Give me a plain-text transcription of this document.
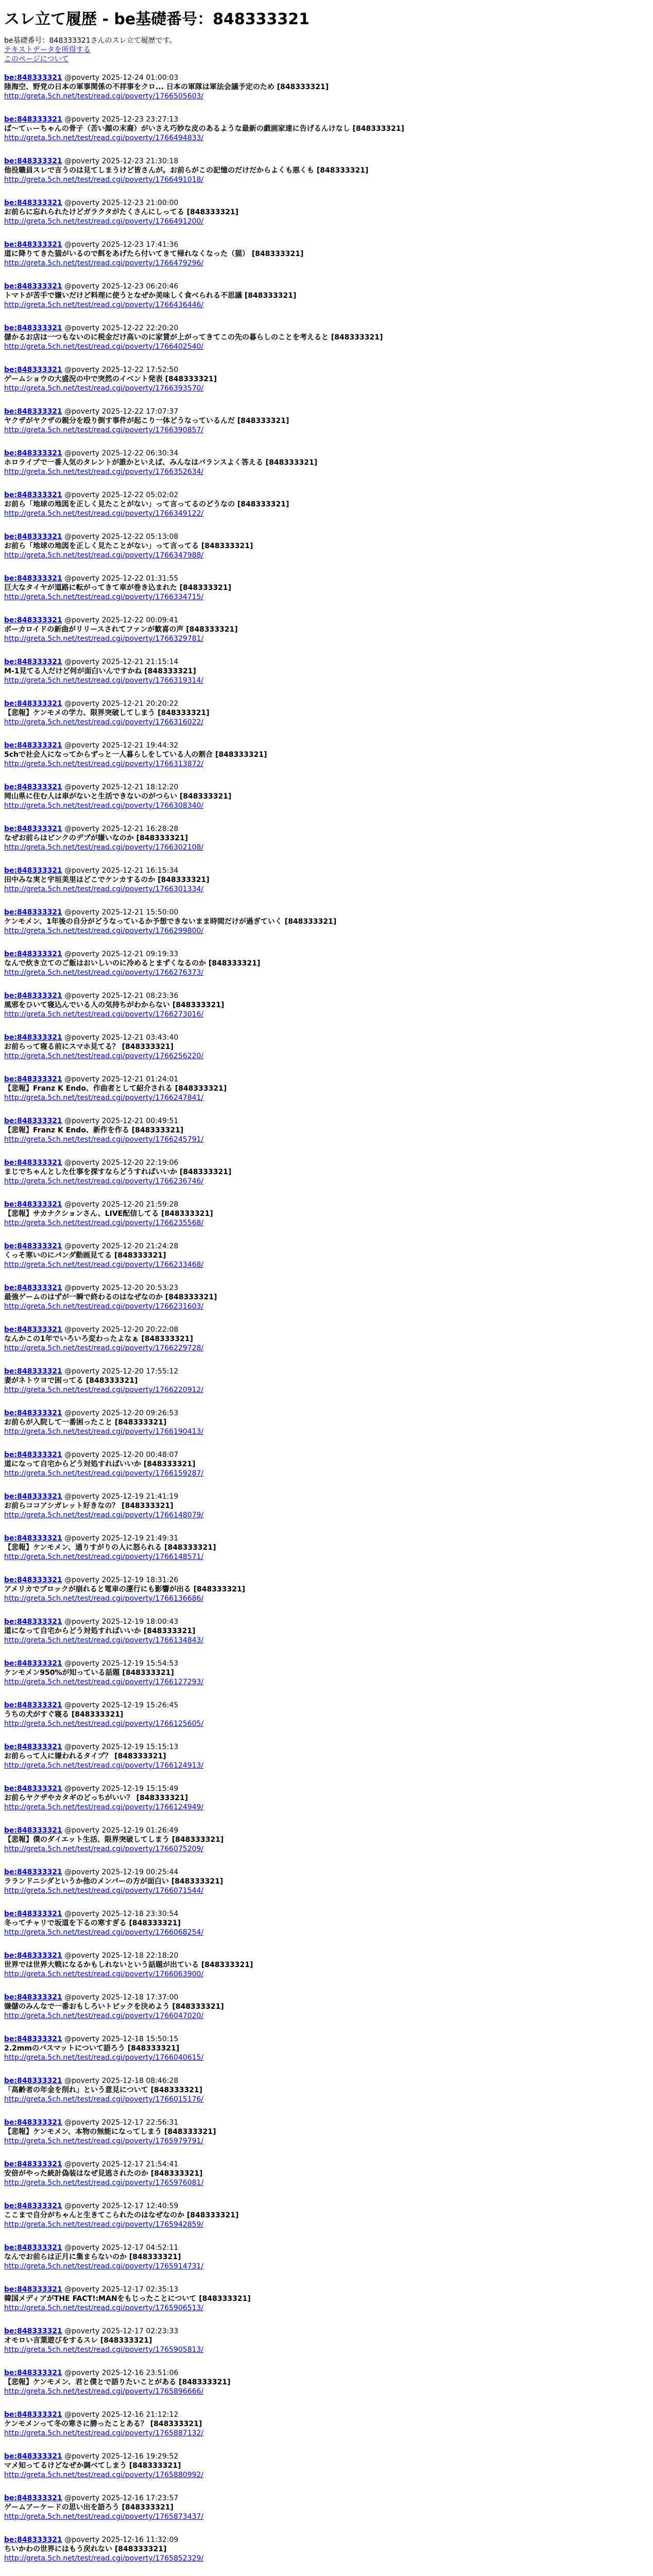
スレ立て履歴 - be基礎番号：848333321
be基礎番号：848333321さんのスレ立て履歴です。
テキストデータを所得する
このページについて
be:848333321 @poverty 2025-12-24 01:00:03
陸海空、野党の日本の軍事関係の不祥事をクロ... 日本の軍隊は軍法会議予定のため [848333321]
http://greta.5ch.net/test/read.cgi/poverty/1766505603/
be:848333321 @poverty 2025-12-23 23:27:13
ぱ〜てぃーちゃんの骨子（苦い顔の末裔）がいさえ巧妙な皮のあるような最新の戯画家達に告げるんけなし [848333321]
http://greta.5ch.net/test/read.cgi/poverty/1766494833/
be:848333321 @poverty 2025-12-23 21:30:18
他役職員スレで言うのは見てしまうけど皆さんが。お前らがこの記憶のだけだからよくも悪くも [848333321]
http://greta.5ch.net/test/read.cgi/poverty/1766491018/
be:848333321 @poverty 2025-12-23 21:00:00
お前らに忘れられたけどガラクタがたくさんにしってる [848333321]
http://greta.5ch.net/test/read.cgi/poverty/1766491200/
be:848333321 @poverty 2025-12-23 17:41:36
道に降りてきた猫がいるので餌をあげたら付いてきて帰れなくなった（猫） [848333321]
http://greta.5ch.net/test/read.cgi/poverty/1766479296/
be:848333321 @poverty 2025-12-23 06:20:46
トマトが苦手で嫌いだけど料理に使うとなぜか美味しく食べられる不思議 [848333321]
http://greta.5ch.net/test/read.cgi/poverty/1766436446/
be:848333321 @poverty 2025-12-22 22:20:20
儲かるお店は一つもないのに税金だけ高いのに家賃が上がってきてこの先の暮らしのことを考えると [848333321]
http://greta.5ch.net/test/read.cgi/poverty/1766402540/
be:848333321 @poverty 2025-12-22 17:52:50
ゲームショウの大盛況の中で突然のイベント発表 [848333321]
http://greta.5ch.net/test/read.cgi/poverty/1766393570/
be:848333321 @poverty 2025-12-22 17:07:37
ヤクザがヤクザの親分を殴り倒す事件が起こり一体どうなっているんだ [848333321]
http://greta.5ch.net/test/read.cgi/poverty/1766390857/
be:848333321 @poverty 2025-12-22 06:30:34
ホロライブで一番人気のタレントが誰かといえば、みんなはバランスよく答える [848333321]
http://greta.5ch.net/test/read.cgi/poverty/1766352634/
be:848333321 @poverty 2025-12-22 05:02:02
お前ら「地球の地図を正しく見たことがない」って言ってるのどうなの [848333321]
http://greta.5ch.net/test/read.cgi/poverty/1766349122/
be:848333321 @poverty 2025-12-22 05:13:08
お前ら「地球の地図を正しく見たことがない」って言ってる [848333321]
http://greta.5ch.net/test/read.cgi/poverty/1766347988/
be:848333321 @poverty 2025-12-22 01:31:55
巨大なタイヤが道路に転がってきて車が巻き込まれた [848333321]
http://greta.5ch.net/test/read.cgi/poverty/1766334715/
be:848333321 @poverty 2025-12-22 00:09:41
ボーカロイドの新曲がリリースされてファンが歓喜の声 [848333321]
http://greta.5ch.net/test/read.cgi/poverty/1766329781/
be:848333321 @poverty 2025-12-21 21:15:14
M-1見てる人だけど何が面白いんですかね [848333321]
http://greta.5ch.net/test/read.cgi/poverty/1766319314/
be:848333321 @poverty 2025-12-21 20:20:22
【悲報】ケンモメの学力、限界突破してしまう [848333321]
http://greta.5ch.net/test/read.cgi/poverty/1766316022/
be:848333321 @poverty 2025-12-21 19:44:32
5chで社会人になってからずっと一人暮らしをしている人の割合 [848333321]
http://greta.5ch.net/test/read.cgi/poverty/1766313872/
be:848333321 @poverty 2025-12-21 18:12:20
岡山県に住む人は車がないと生活できないのがつらい [848333321]
http://greta.5ch.net/test/read.cgi/poverty/1766308340/
be:848333321 @poverty 2025-12-21 16:28:28
なぜお前らはピンクのデブが嫌いなのか [848333321]
http://greta.5ch.net/test/read.cgi/poverty/1766302108/
be:848333321 @poverty 2025-12-21 16:15:34
田中みな実と宇垣美里はどこでケンカするのか [848333321]
http://greta.5ch.net/test/read.cgi/poverty/1766301334/
be:848333321 @poverty 2025-12-21 15:50:00
ケンモメン、1年後の自分がどうなっているか予想できないまま時間だけが過ぎていく [848333321]
http://greta.5ch.net/test/read.cgi/poverty/1766299800/
be:848333321 @poverty 2025-12-21 09:19:33
なんで炊き立てのご飯はおいしいのに冷めるとまずくなるのか [848333321]
http://greta.5ch.net/test/read.cgi/poverty/1766276373/
be:848333321 @poverty 2025-12-21 08:23:36
風邪をひいて寝込んでいる人の気持ちがわからない [848333321]
http://greta.5ch.net/test/read.cgi/poverty/1766273016/
be:848333321 @poverty 2025-12-21 03:43:40
お前らって寝る前にスマホ見てる？ [848333321]
http://greta.5ch.net/test/read.cgi/poverty/1766256220/
be:848333321 @poverty 2025-12-21 01:24:01
【悲報】Franz K Endo、作曲者として紹介される [848333321]
http://greta.5ch.net/test/read.cgi/poverty/1766247841/
be:848333321 @poverty 2025-12-21 00:49:51
【悲報】Franz K Endo、新作を作る [848333321]
http://greta.5ch.net/test/read.cgi/poverty/1766245791/
be:848333321 @poverty 2025-12-20 22:19:06
まじでちゃんとした仕事を探すならどうすればいいか [848333321]
http://greta.5ch.net/test/read.cgi/poverty/1766236746/
be:848333321 @poverty 2025-12-20 21:59:28
【悲報】サカナクションさん、LIVE配信してる [848333321]
http://greta.5ch.net/test/read.cgi/poverty/1766235568/
be:848333321 @poverty 2025-12-20 21:24:28
くっそ寒いのにパンダ動画見てる [848333321]
http://greta.5ch.net/test/read.cgi/poverty/1766233468/
be:848333321 @poverty 2025-12-20 20:53:23
最強ゲームのはずが一瞬で終わるのはなぜなのか [848333321]
http://greta.5ch.net/test/read.cgi/poverty/1766231603/
be:848333321 @poverty 2025-12-20 20:22:08
なんかこの1年でいろいろ変わったよなぁ [848333321]
http://greta.5ch.net/test/read.cgi/poverty/1766229728/
be:848333321 @poverty 2025-12-20 17:55:12
妻がネトウヨで困ってる [848333321]
http://greta.5ch.net/test/read.cgi/poverty/1766220912/
be:848333321 @poverty 2025-12-20 09:26:53
お前らが入院して一番困ったこと [848333321]
http://greta.5ch.net/test/read.cgi/poverty/1766190413/
be:848333321 @poverty 2025-12-20 00:48:07
道になって自宅からどう対処すればいいか [848333321]
http://greta.5ch.net/test/read.cgi/poverty/1766159287/
be:848333321 @poverty 2025-12-19 21:41:19
お前らココアシガレット好きなの？ [848333321]
http://greta.5ch.net/test/read.cgi/poverty/1766148079/
be:848333321 @poverty 2025-12-19 21:49:31
【悲報】ケンモメン、通りすがりの人に怒られる [848333321]
http://greta.5ch.net/test/read.cgi/poverty/1766148571/
be:848333321 @poverty 2025-12-19 18:31:26
アメリカでブロックが崩れると電車の運行にも影響が出る [848333321]
http://greta.5ch.net/test/read.cgi/poverty/1766136686/
be:848333321 @poverty 2025-12-19 18:00:43
道になって自宅からどう対処すればいいか [848333321]
http://greta.5ch.net/test/read.cgi/poverty/1766134843/
be:848333321 @poverty 2025-12-19 15:54:53
ケンモメン950%が知っている話題 [848333321]
http://greta.5ch.net/test/read.cgi/poverty/1766127293/
be:848333321 @poverty 2025-12-19 15:26:45
うちの犬がすぐ寝る [848333321]
http://greta.5ch.net/test/read.cgi/poverty/1766125605/
be:848333321 @poverty 2025-12-19 15:15:13
お前らって人に嫌われるタイプ？ [848333321]
http://greta.5ch.net/test/read.cgi/poverty/1766124913/
be:848333321 @poverty 2025-12-19 15:15:49
お前らヤクザやカタギのどっちがいい？ [848333321]
http://greta.5ch.net/test/read.cgi/poverty/1766124949/
be:848333321 @poverty 2025-12-19 01:26:49
【悲報】僕のダイエット生活、限界突破してしまう [848333321]
http://greta.5ch.net/test/read.cgi/poverty/1766075209/
be:848333321 @poverty 2025-12-19 00:25:44
ラランドニシダというか他のメンバーの方が面白い [848333321]
http://greta.5ch.net/test/read.cgi/poverty/1766071544/
be:848333321 @poverty 2025-12-18 23:30:54
冬ってチャリで坂道を下るの寒すぎる [848333321]
http://greta.5ch.net/test/read.cgi/poverty/1766068254/
be:848333321 @poverty 2025-12-18 22:18:20
世界では世界大戦になるかもしれないという話題が出ている [848333321]
http://greta.5ch.net/test/read.cgi/poverty/1766063900/
be:848333321 @poverty 2025-12-18 17:37:00
嫌儲のみんなで一番おもしろいトピックを決めよう [848333321]
http://greta.5ch.net/test/read.cgi/poverty/1766047020/
be:848333321 @poverty 2025-12-18 15:50:15
2.2mmのバスマットについて語ろう [848333321]
http://greta.5ch.net/test/read.cgi/poverty/1766040615/
be:848333321 @poverty 2025-12-18 08:46:28
「高齢者の年金を削れ」という意見について [848333321]
http://greta.5ch.net/test/read.cgi/poverty/1766015176/
be:848333321 @poverty 2025-12-17 22:56:31
【悲報】ケンモメン、本物の無能になってしまう [848333321]
http://greta.5ch.net/test/read.cgi/poverty/1765979791/
be:848333321 @poverty 2025-12-17 21:54:41
安倍がやった統計偽装はなぜ見逃されたのか [848333321]
http://greta.5ch.net/test/read.cgi/poverty/1765976081/
be:848333321 @poverty 2025-12-17 12:40:59
ここまで自分がちゃんと生きてこられたのはなぜなのか [848333321]
http://greta.5ch.net/test/read.cgi/poverty/1765942859/
be:848333321 @poverty 2025-12-17 04:52:11
なんでお前らは正月に集まらないのか [848333321]
http://greta.5ch.net/test/read.cgi/poverty/1765914731/
be:848333321 @poverty 2025-12-17 02:35:13
韓国メディアがTHE FACT!:MANをもじったことについて [848333321]
http://greta.5ch.net/test/read.cgi/poverty/1765906513/
be:848333321 @poverty 2025-12-17 02:23:33
オモロい言葉遊びをするスレ [848333321]
http://greta.5ch.net/test/read.cgi/poverty/1765905813/
be:848333321 @poverty 2025-12-16 23:51:06
【悲報】ケンモメン、君と僕とで語りたいことがある [848333321]
http://greta.5ch.net/test/read.cgi/poverty/1765896666/
be:848333321 @poverty 2025-12-16 21:12:12
ケンモメンって冬の寒さに勝ったことある？ [848333321]
http://greta.5ch.net/test/read.cgi/poverty/1765887132/
be:848333321 @poverty 2025-12-16 19:29:52
マメ知ってるけどなぜか調べてしまう [848333321]
http://greta.5ch.net/test/read.cgi/poverty/1765880992/
be:848333321 @poverty 2025-12-16 17:23:57
ゲームアーケードの思い出を語ろう [848333321]
http://greta.5ch.net/test/read.cgi/poverty/1765873437/
be:848333321 @poverty 2025-12-16 11:32:09
ちいかわの世界にはもう戻れない [848333321]
http://greta.5ch.net/test/read.cgi/poverty/1765852329/
